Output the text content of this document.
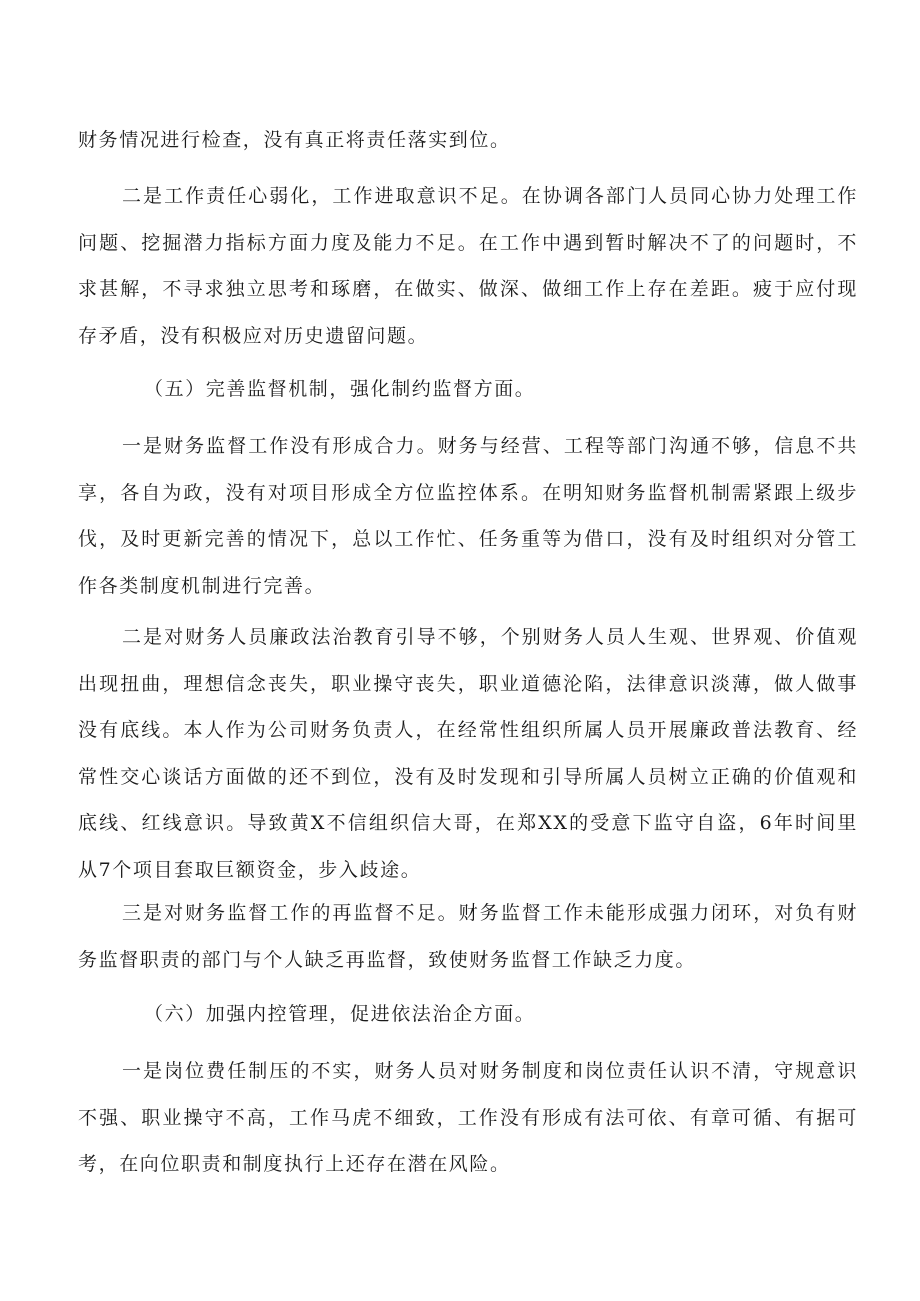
财务情况进行检查，没有真正将责任落实到位。

二是工作责任心弱化，工作进取意识不足。在协调各部门人员同心协力处理工作问题、挖掘潜力指标方面力度及能力不足。在工作中遇到暂时解决不了的问题时，不求甚解，不寻求独立思考和琢磨，在做实、做深、做细工作上存在差距。疲于应付现存矛盾，没有积极应对历史遗留问题。

（五）完善监督机制，强化制约监督方面。

一是财务监督工作没有形成合力。财务与经营、工程等部门沟通不够，信息不共享，各自为政，没有对项目形成全方位监控体系。在明知财务监督机制需紧跟上级步伐，及时更新完善的情况下，总以工作忙、任务重等为借口，没有及时组织对分管工作各类制度机制进行完善。

二是对财务人员廉政法治教育引导不够，个别财务人员人生观、世界观、价值观出现扭曲，理想信念丧失，职业操守丧失，职业道德沦陷，法律意识淡薄，做人做事没有底线。本人作为公司财务负责人，在经常性组织所属人员开展廉政普法教育、经常性交心谈话方面做的还不到位，没有及时发现和引导所属人员树立正确的价值观和底线、红线意识。导致黄X不信组织信大哥，在郑XX的受意下监守自盗，6年时间里从7个项目套取巨额资金，步入歧途。

三是对财务监督工作的再监督不足。财务监督工作未能形成强力闭环，对负有财务监督职责的部门与个人缺乏再监督，致使财务监督工作缺乏力度。

（六）加强内控管理，促进依法治企方面。

一是岗位费任制压的不实，财务人员对财务制度和岗位责任认识不清，守规意识不强、职业操守不高，工作马虎不细致，工作没有形成有法可依、有章可循、有据可考，在向位职责和制度执行上还存在潜在风险。
